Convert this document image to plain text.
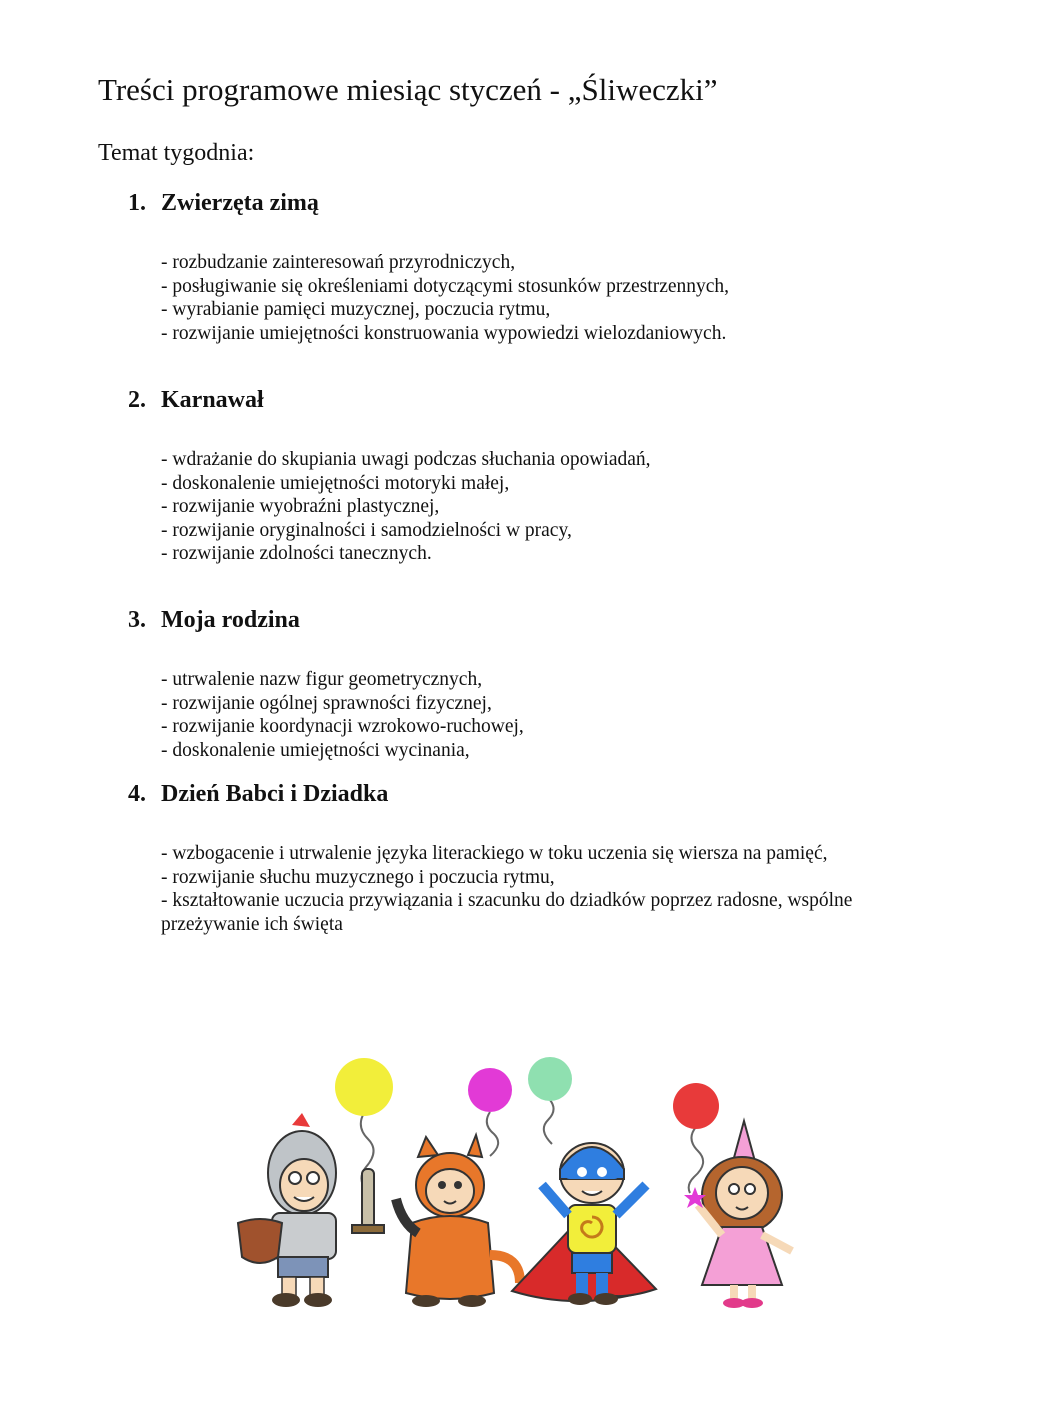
Treści programowe miesiąc styczeń - „Śliweczki”

Temat tygodnia:

1. Zwierzęta zimą
- rozbudzanie zainteresowań przyrodniczych,
- posługiwanie się określeniami dotyczącymi stosunków przestrzennych,
- wyrabianie pamięci muzycznej, poczucia rytmu,
- rozwijanie umiejętności konstruowania wypowiedzi wielozdaniowych.
2. Karnawał
- wdrażanie do skupiania uwagi podczas słuchania opowiadań,
- doskonalenie umiejętności motoryki małej,
- rozwijanie wyobraźni plastycznej,
- rozwijanie oryginalności i samodzielności w pracy,
- rozwijanie zdolności tanecznych.
3. Moja rodzina
- utrwalenie nazw figur geometrycznych,
- rozwijanie ogólnej sprawności fizycznej,
- rozwijanie koordynacji wzrokowo-ruchowej,
- doskonalenie umiejętności wycinania,
4. Dzień Babci i Dziadka
- wzbogacenie i utrwalenie języka literackiego w toku uczenia się wiersza na pamięć,
- rozwijanie słuchu muzycznego i poczucia rytmu,
- kształtowanie uczucia przywiązania i szacunku do dziadków poprzez radosne, wspólne przeżywanie ich święta
